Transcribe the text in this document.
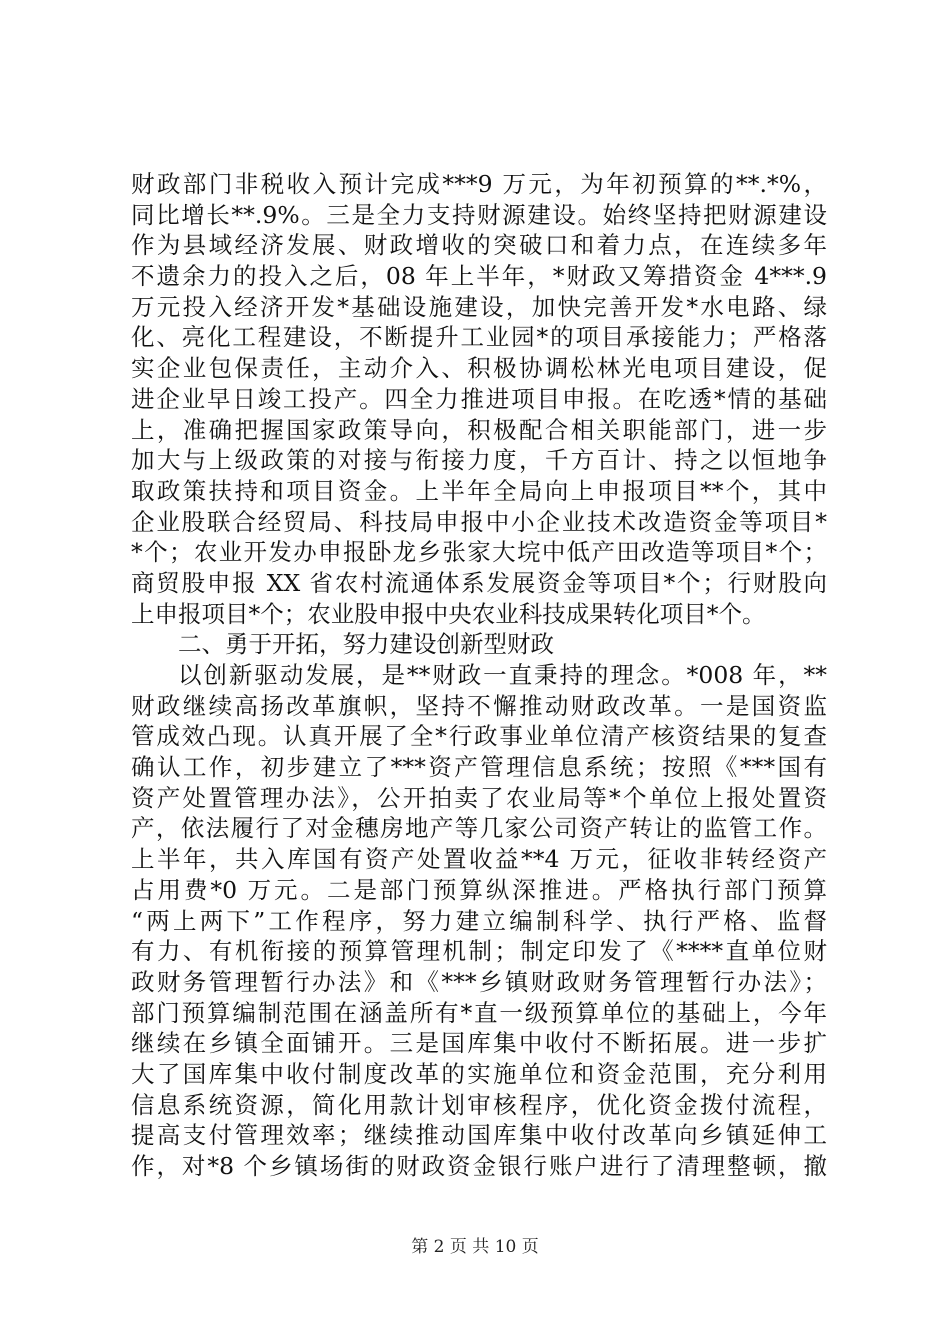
财政部门非税收入预计完成***9 万元，为年初预算的**.*%，
同比增长**.9%。三是全力支持财源建设。始终坚持把财源建设
作为县域经济发展、财政增收的突破口和着力点，在连续多年
不遗余力的投入之后，08 年上半年，*财政又筹措资金 4***.9
万元投入经济开发*基础设施建设，加快完善开发*水电路、绿
化、亮化工程建设，不断提升工业园*的项目承接能力；严格落
实企业包保责任，主动介入、积极协调松林光电项目建设，促
进企业早日竣工投产。四全力推进项目申报。在吃透*情的基础
上，准确把握国家政策导向，积极配合相关职能部门，进一步
加大与上级政策的对接与衔接力度，千方百计、持之以恒地争
取政策扶持和项目资金。上半年全局向上申报项目**个，其中
企业股联合经贸局、科技局申报中小企业技术改造资金等项目*
*个；农业开发办申报卧龙乡张家大垸中低产田改造等项目*个；
商贸股申报 XX 省农村流通体系发展资金等项目*个；行财股向
上申报项目*个；农业股申报中央农业科技成果转化项目*个。
二、勇于开拓，努力建设创新型财政
以创新驱动发展，是**财政一直秉持的理念。*008 年，**
财政继续高扬改革旗帜，坚持不懈推动财政改革。一是国资监
管成效凸现。认真开展了全*行政事业单位清产核资结果的复查
确认工作，初步建立了***资产管理信息系统；按照《***国有
资产处置管理办法》，公开拍卖了农业局等*个单位上报处置资
产，依法履行了对金穗房地产等几家公司资产转让的监管工作。
上半年，共入库国有资产处置收益**4 万元，征收非转经资产
占用费*0 万元。二是部门预算纵深推进。严格执行部门预算
“两上两下”工作程序，努力建立编制科学、执行严格、监督
有力、有机衔接的预算管理机制；制定印发了《****直单位财
政财务管理暂行办法》和《***乡镇财政财务管理暂行办法》；
部门预算编制范围在涵盖所有*直一级预算单位的基础上，今年
继续在乡镇全面铺开。三是国库集中收付不断拓展。进一步扩
大了国库集中收付制度改革的实施单位和资金范围，充分利用
信息系统资源，简化用款计划审核程序，优化资金拨付流程，
提高支付管理效率；继续推动国库集中收付改革向乡镇延伸工
作，对*8 个乡镇场街的财政资金银行账户进行了清理整顿，撤
第 2 页 共 10 页
